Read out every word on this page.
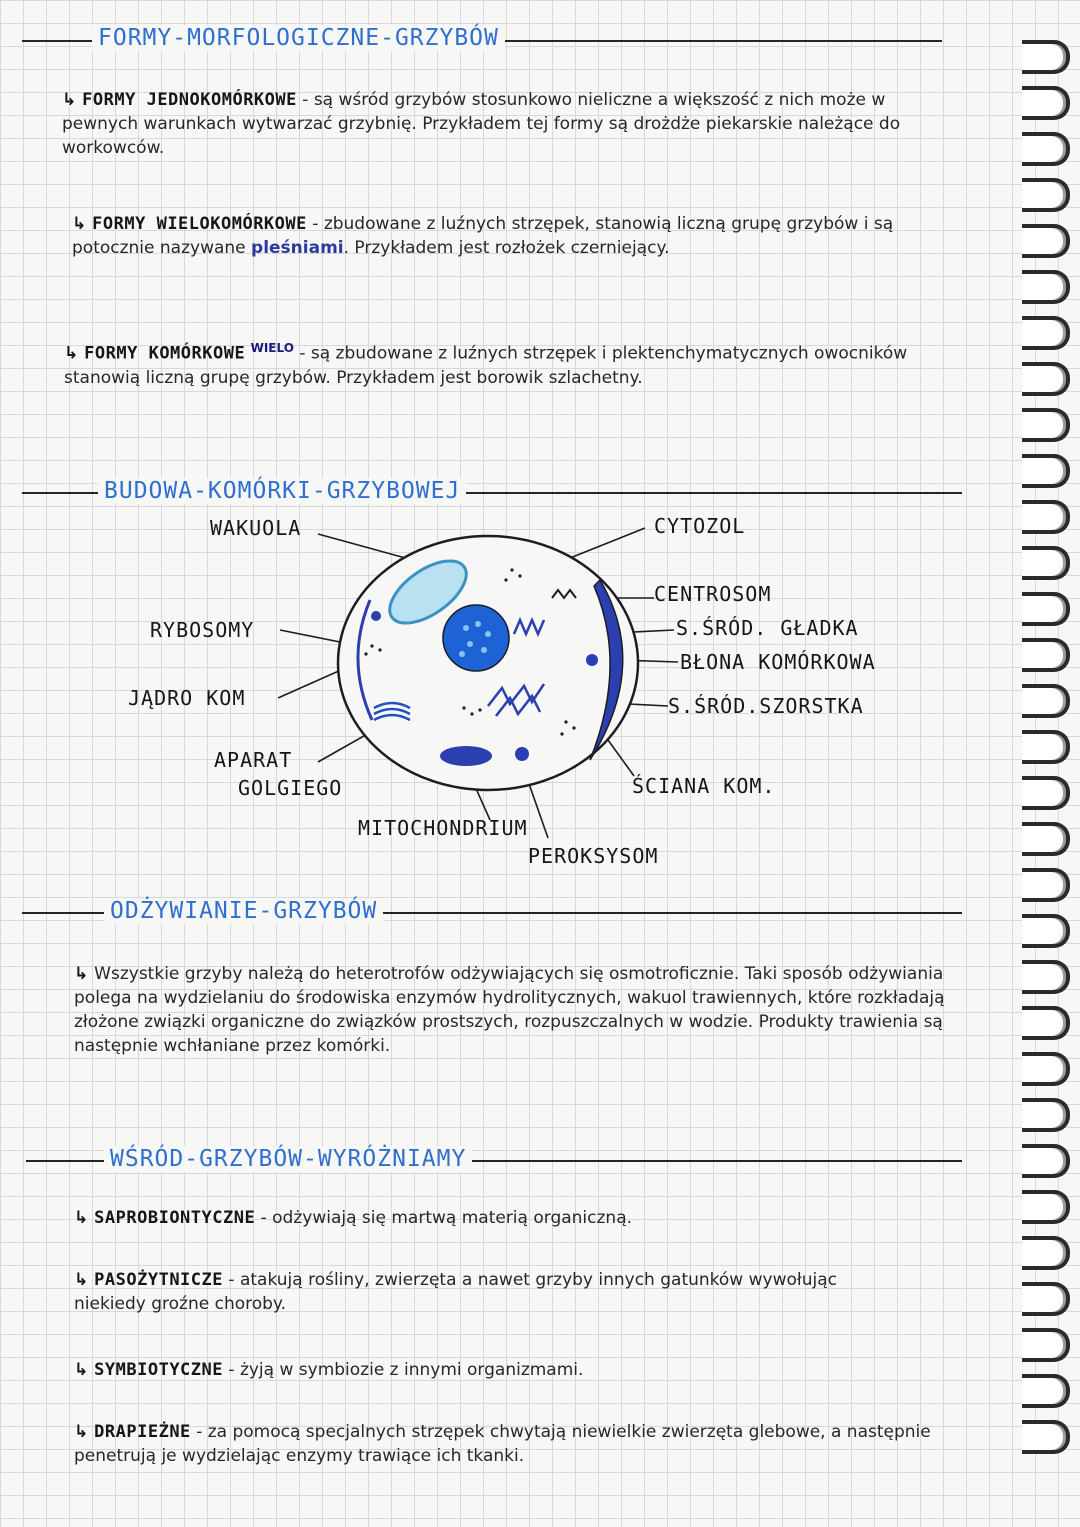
FORMY-MORFOLOGICZNE-GRZYBÓW
↳ FORMY JEDNOKOMÓRKOWE - są wśród grzybów stosunkowo nieliczne a większość z nich może w pewnych warunkach wytwarzać grzybnię. Przykładem tej formy są drożdże piekarskie należące do workowców.
↳ FORMY WIELOKOMÓRKOWE - zbudowane z luźnych strzępek, stanowią liczną grupę grzybów i są potocznie nazywane pleśniami. Przykładem jest rozłożek czerniejący.
↳ FORMY KOMÓRKOWE $^{WIELO}$ - są zbudowane z luźnych strzępek i plektenchymatycznych owocników stanowią liczną grupę grzybów. Przykładem jest borowik szlachetny.
BUDOWA-KOMÓRKI-GRZYBOWEJ
WAKUOLA
RYBOSOMY
JĄDRO KOM
APARAT
GOLGIEGO
MITOCHONDRIUM
PEROKSYSOM
CYTOZOL
CENTROSOM
S.ŚRÓD. GŁADKA
BŁONA KOMÓRKOWA
S.ŚRÓD.SZORSTKA
ŚCIANA KOM.
ODŻYWIANIE-GRZYBÓW
↳ Wszystkie grzyby należą do heterotrofów odżywiających się osmotroficznie. Taki sposób odżywiania polega na wydzielaniu do środowiska enzymów hydrolitycznych, wakuol trawiennych, które rozkładają złożone związki organiczne do związków prostszych, rozpuszczalnych w wodzie. Produkty trawienia są następnie wchłaniane przez komórki.
WŚRÓD-GRZYBÓW-WYRÓŻNIAMY
↳ SAPROBIONTYCZNE - odżywiają się martwą materią organiczną.
↳ PASOŻYTNICZE - atakują rośliny, zwierzęta a nawet grzyby innych gatunków wywołując niekiedy groźne choroby.
↳ SYMBIOTYCZNE - żyją w symbiozie z innymi organizmami.
↳ DRAPIEŻNE - za pomocą specjalnych strzępek chwytają niewielkie zwierzęta glebowe, a następnie penetrują je wydzielając enzymy trawiące ich tkanki.
